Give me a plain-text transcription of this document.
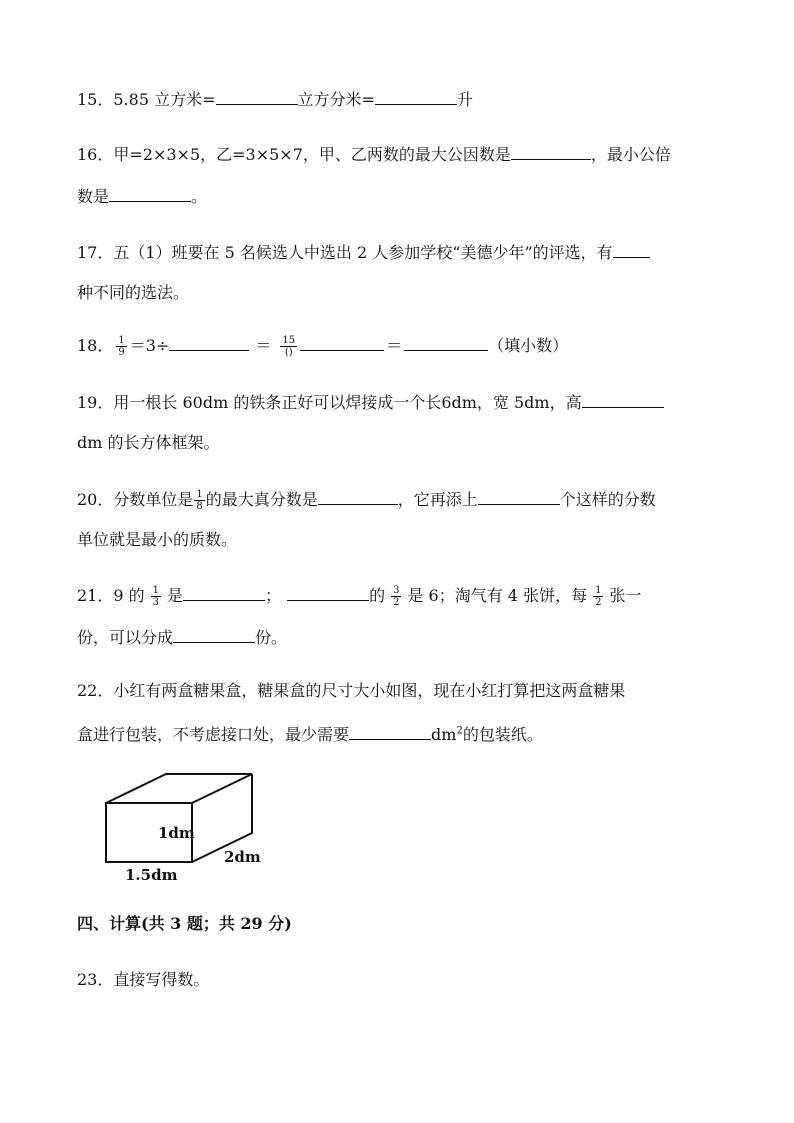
15．5.85 立方米=	立方分米=	升
16．甲=2×3×5，乙=3×5×7，甲、乙两数的最大公因数是	，最小公倍
数是	。
17．五（1）班要在 5 名候选人中选出 2 人参加学校“美德少年”的评选，有
种不同的选法。
18． $\frac{1}{9} =3\div$	＝ $\frac{15}{()}$	＝	（填小数）
19．用一根长 60dm 的铁条正好可以焊接成一个长6dm，宽 5dm，高
dm 的长方体框架。
20．分数单位是 $\frac{1}{8}$ 的最大真分数是	，它再添上	个这样的分数
单位就是最小的质数。
21．9 的 $\frac{1}{3}$ 是	；	的 $\frac{3}{2}$ 是 6；淘气有 4 张饼，每 $\frac{1}{2}$ 张一
份，可以分成	份。
22．小红有两盒糖果盒，糖果盒的尺寸大小如图，现在小红打算把这两盒糖果
盒进行包装，不考虑接口处，最少需要	$dm^2$的包装纸。
1dm
2dm
1.5dm
四、计算(共 3 题；共 29 分)
23．直接写得数。
